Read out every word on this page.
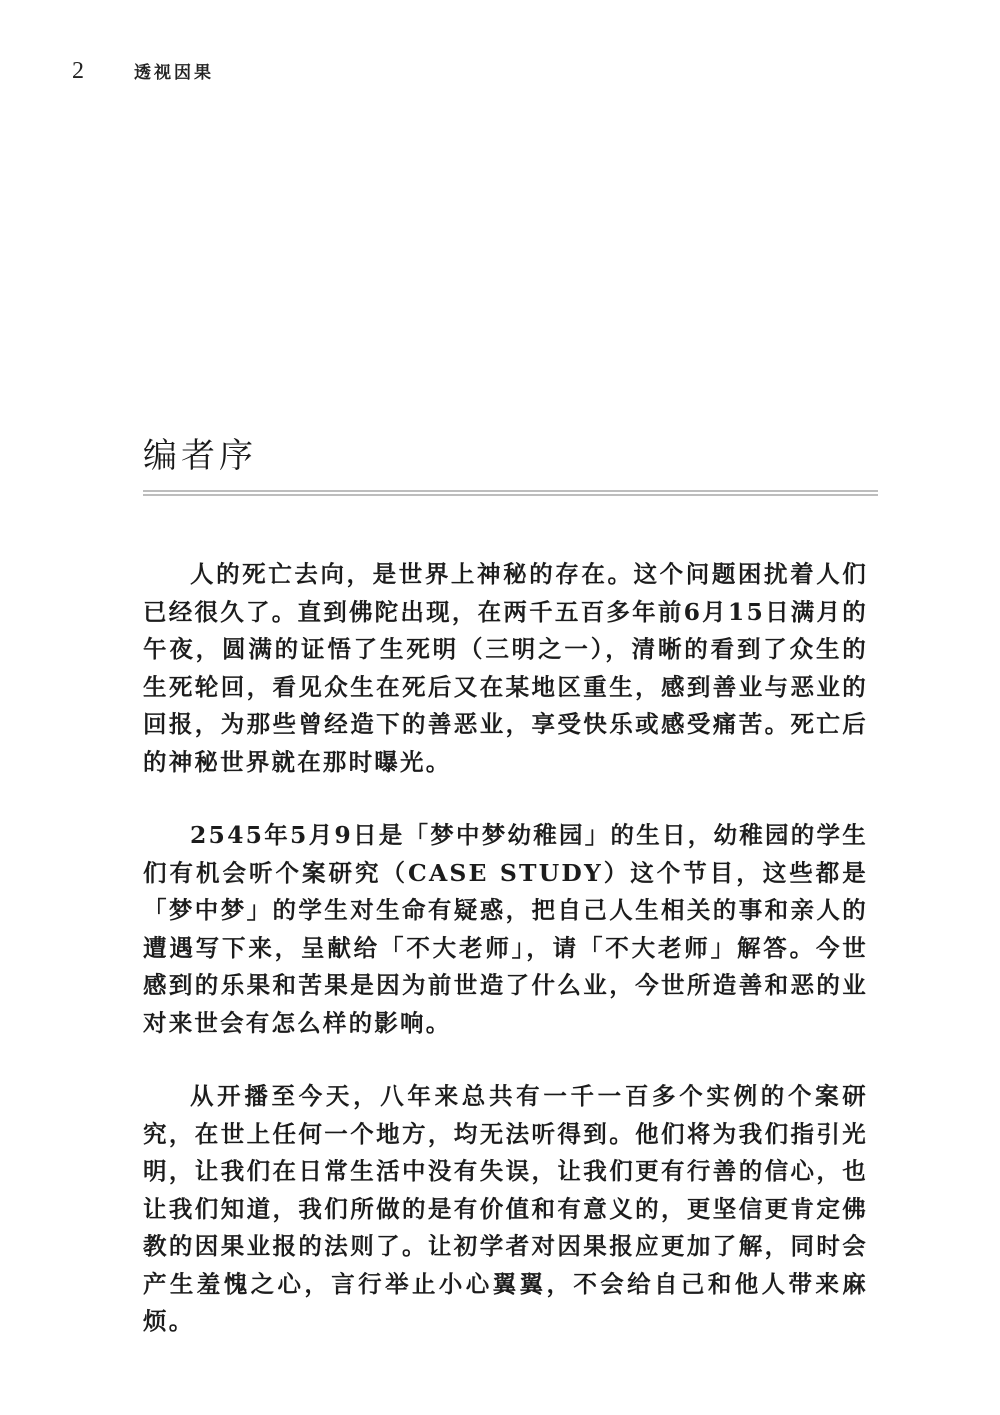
2	透视因果
编者序

人的死亡去向，是世界上神秘的存在。这个问题困扰着人们已经很久了。直到佛陀出现，在两千五百多年前6月15日满月的午夜，圆满的证悟了生死明（三明之一），清晰的看到了众生的生死轮回，看见众生在死后又在某地区重生，感到善业与恶业的回报，为那些曾经造下的善恶业，享受快乐或感受痛苦。死亡后的神秘世界就在那时曝光。

2545年5月9日是「梦中梦幼稚园」的生日，幼稚园的学生们有机会听个案研究（CASE STUDY）这个节目，这些都是「梦中梦」的学生对生命有疑惑，把自己人生相关的事和亲人的遭遇写下来，呈献给「不大老师」，请「不大老师」解答。今世感到的乐果和苦果是因为前世造了什么业，今世所造善和恶的业对来世会有怎么样的影响。

从开播至今天，八年来总共有一千一百多个实例的个案研究，在世上任何一个地方，均无法听得到。他们将为我们指引光明，让我们在日常生活中没有失误，让我们更有行善的信心，也让我们知道，我们所做的是有价值和有意义的，更坚信更肯定佛教的因果业报的法则了。让初学者对因果报应更加了解，同时会产生羞愧之心，言行举止小心翼翼，不会给自己和他人带来麻烦。
